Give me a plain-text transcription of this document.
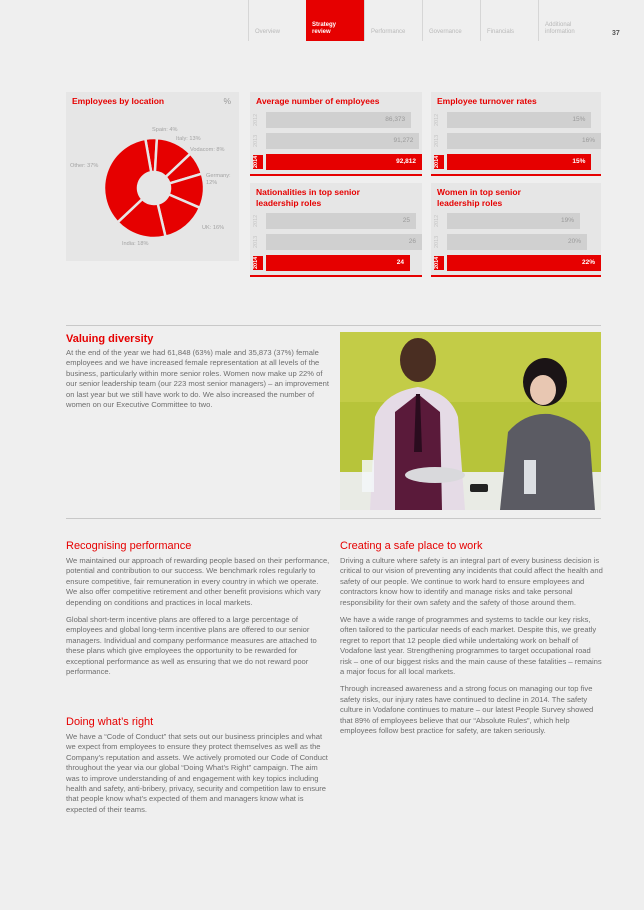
Overview
Strategy
review	Performance	Governance	Financials
Additional
information	37
Employees by location	%
Spain: 4%
Italy: 13%
Vodacom: 8%
Germany: 12%
UK: 16%
India: 18%
Other: 37%
Average number of employees
2012	86,373
2013	91,272
2014	92,812
Employee turnover rates
2012	15%
2013	16%
2014	15%
Nationalities in top senior
leadership roles
2012	25
2013	26
2014	24
Women in top senior
leadership roles
2012	19%
2013	20%
2014	22%
Valuing diversity

At the end of the year we had 61,848 (63%) male and 35,873 (37%) female employees and we have increased female representation at all levels of the business, particularly within more senior roles. Women now make up 22% of our senior leadership team (our 223 most senior managers) – an improvement on last year but we still have work to do. We also increased the number of women on our Executive Committee to two.

Recognising performance

We maintained our approach of rewarding people based on their performance, potential and contribution to our success. We benchmark roles regularly to ensure competitive, fair remuneration in every country in which we operate. We also offer competitive retirement and other benefit provisions which vary depending on conditions and practices in local markets.

Global short-term incentive plans are offered to a large percentage of employees and global long-term incentive plans are offered to our senior managers. Individual and company performance measures are attached to these plans which give employees the opportunity to be rewarded for exceptional performance as well as ensuring that we do not reward poor performance.

Doing what’s right

We have a “Code of Conduct” that sets out our business principles and what we expect from employees to ensure they protect themselves as well as the Company’s reputation and assets. We actively promoted our Code of Conduct throughout the year via our global “Doing What’s Right” campaign. The aim was to improve understanding of and engagement with key topics including health and safety, anti-bribery, privacy, security and competition law to ensure that people know what’s expected of them and managers know what is expected of their teams.

Creating a safe place to work

Driving a culture where safety is an integral part of every business decision is critical to our vision of preventing any incidents that could affect the health and safety of our people. We continue to work hard to ensure employees and contractors know how to identify and manage risks and take personal responsibility for their own safety and the safety of those around them.

We have a wide range of programmes and systems to tackle our key risks, often tailored to the particular needs of each market. Despite this, we greatly regret to report that 12 people died while undertaking work on behalf of Vodafone last year. Strengthening programmes to target occupational road risk – one of our biggest risks and the main cause of these fatalities – remains a major focus for all local markets.

Through increased awareness and a strong focus on managing our top five safety risks, our injury rates have continued to decline in 2014. The safety culture in Vodafone continues to mature – our latest People Survey showed that 89% of employees believe that our “Absolute Rules”, which help employees follow best practice for safety, are taken seriously.
